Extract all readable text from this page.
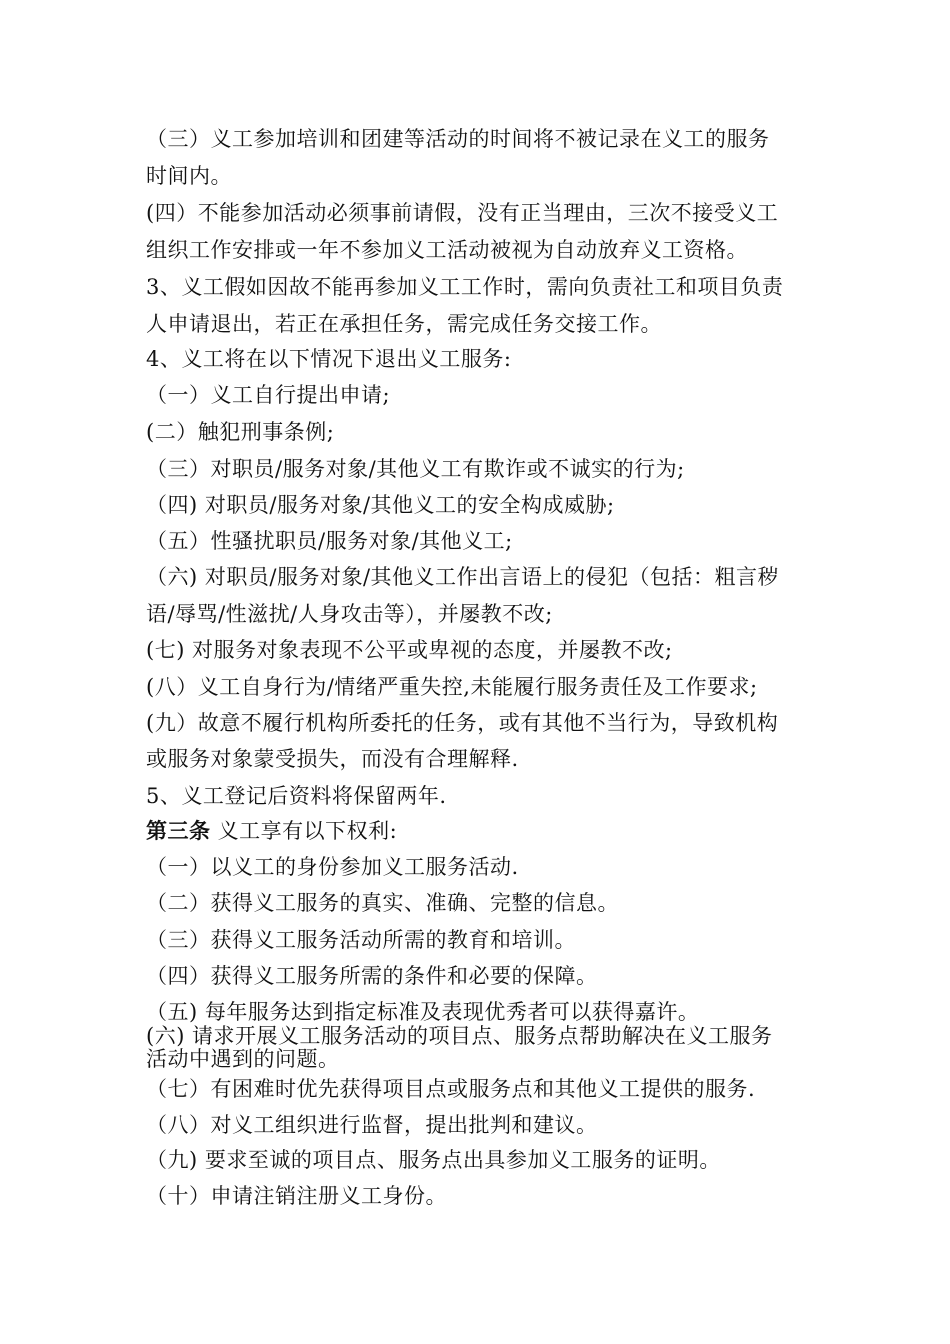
（三）义工参加培训和团建等活动的时间将不被记录在义工的服务
时间内。
(四）不能参加活动必须事前请假，没有正当理由，三次不接受义工
组织工作安排或一年不参加义工活动被视为自动放弃义工资格。
3、义工假如因故不能再参加义工工作时，需向负责社工和项目负责
人申请退出，若正在承担任务，需完成任务交接工作。
4、义工将在以下情况下退出义工服务:
（一）义工自行提出申请;
(二）触犯刑事条例;
（三）对职员/服务对象/其他义工有欺诈或不诚实的行为;
（四) 对职员/服务对象/其他义工的安全构成威胁;
（五）性骚扰职员/服务对象/其他义工;
（六) 对职员/服务对象/其他义工作出言语上的侵犯（包括：粗言秽
语/辱骂/性滋扰/人身攻击等），并屡教不改;
(七) 对服务对象表现不公平或卑视的态度，并屡教不改;
(八）义工自身行为/情绪严重失控,未能履行服务责任及工作要求;
(九）故意不履行机构所委托的任务，或有其他不当行为，导致机构
或服务对象蒙受损失，而没有合理解释.
5、义工登记后资料将保留两年.
第三条 义工享有以下权利:
（一）以义工的身份参加义工服务活动.
（二）获得义工服务的真实、准确、完整的信息。
（三）获得义工服务活动所需的教育和培训。
（四）获得义工服务所需的条件和必要的保障。
（五) 每年服务达到指定标准及表现优秀者可以获得嘉许。
(六) 请求开展义工服务活动的项目点、服务点帮助解决在义工服务
活动中遇到的问题。
（七）有困难时优先获得项目点或服务点和其他义工提供的服务.
（八）对义工组织进行监督，提出批判和建议。
（九) 要求至诚的项目点、服务点出具参加义工服务的证明。
（十）申请注销注册义工身份。
